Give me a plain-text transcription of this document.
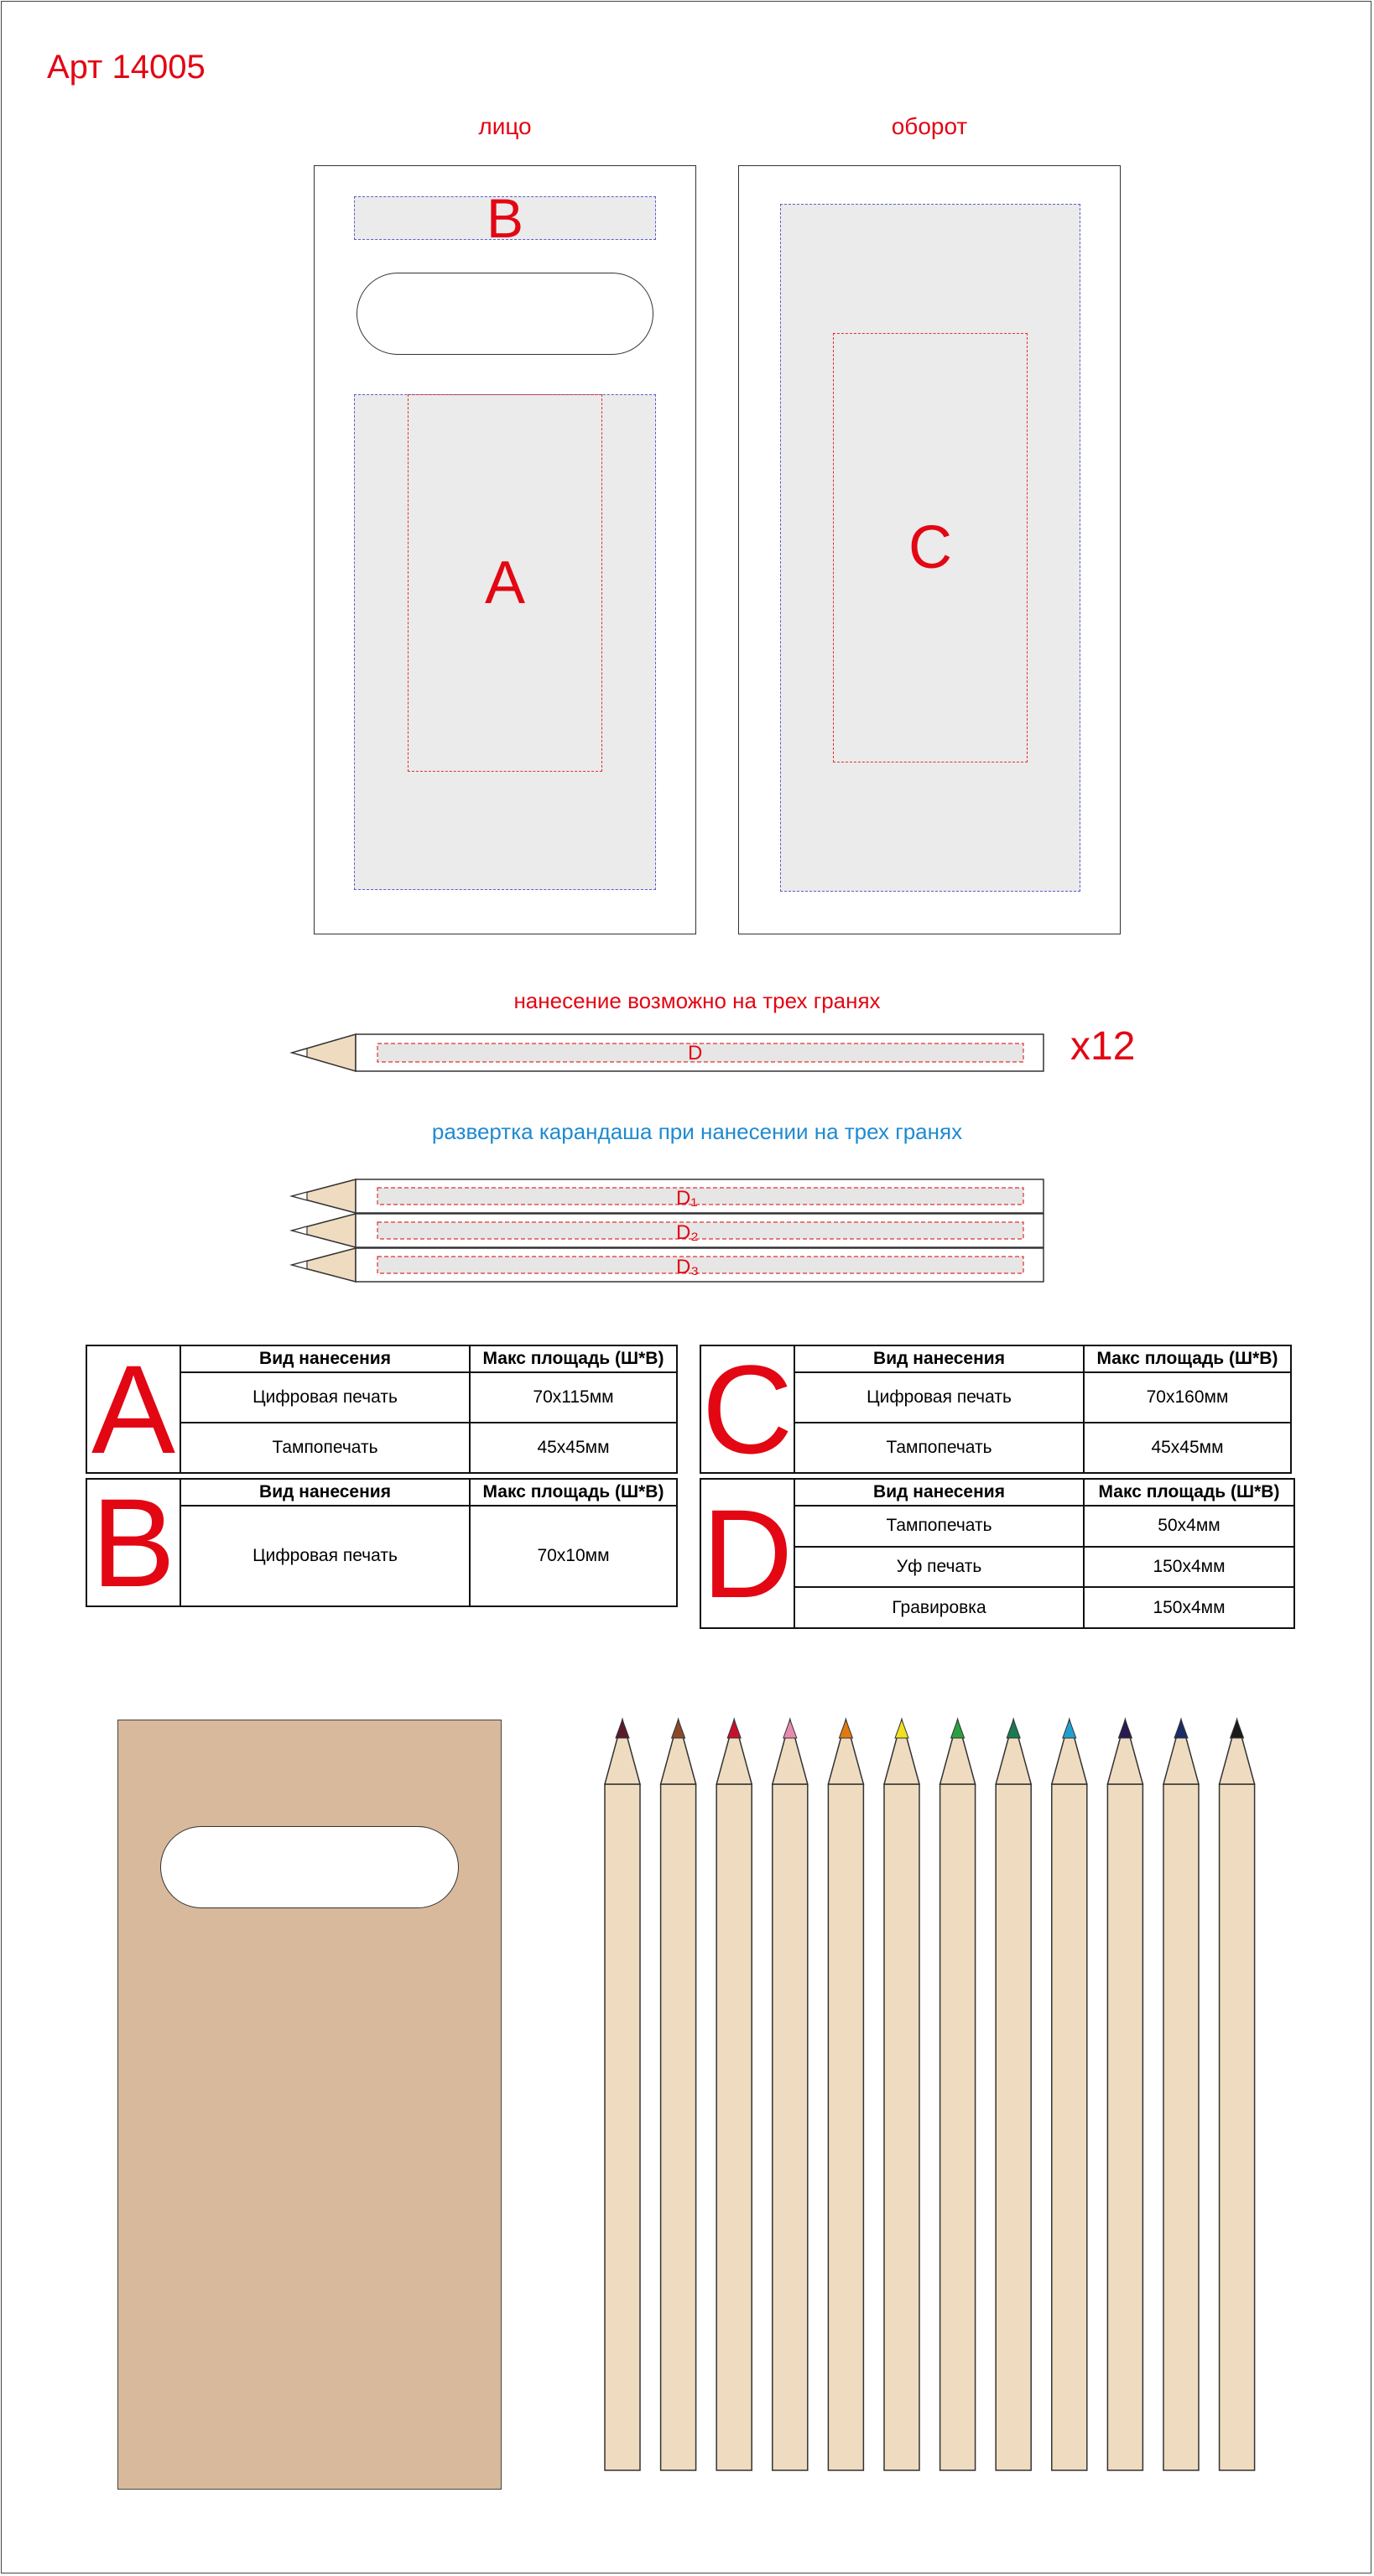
Арт 14005
лицо	оборот
B
A
C
нанесение возможно на трех гранях
D	x12
развертка карандаша при нанесении на трех гранях
D₁
D₂
D₃
A	Вид нанесения	Макс площадь (Ш*В)
	Цифровая печать	70х115мм
	Тампопечать	45х45мм
B	Вид нанесения	Макс площадь (Ш*В)
	Цифровая печать	70х10мм
C	Вид нанесения	Макс площадь (Ш*В)
	Цифровая печать	70х160мм
	Тампопечать	45х45мм
D	Вид нанесения	Макс площадь (Ш*В)
	Тампопечать	50х4мм
	Уф печать	150х4мм
	Гравировка	150х4мм
